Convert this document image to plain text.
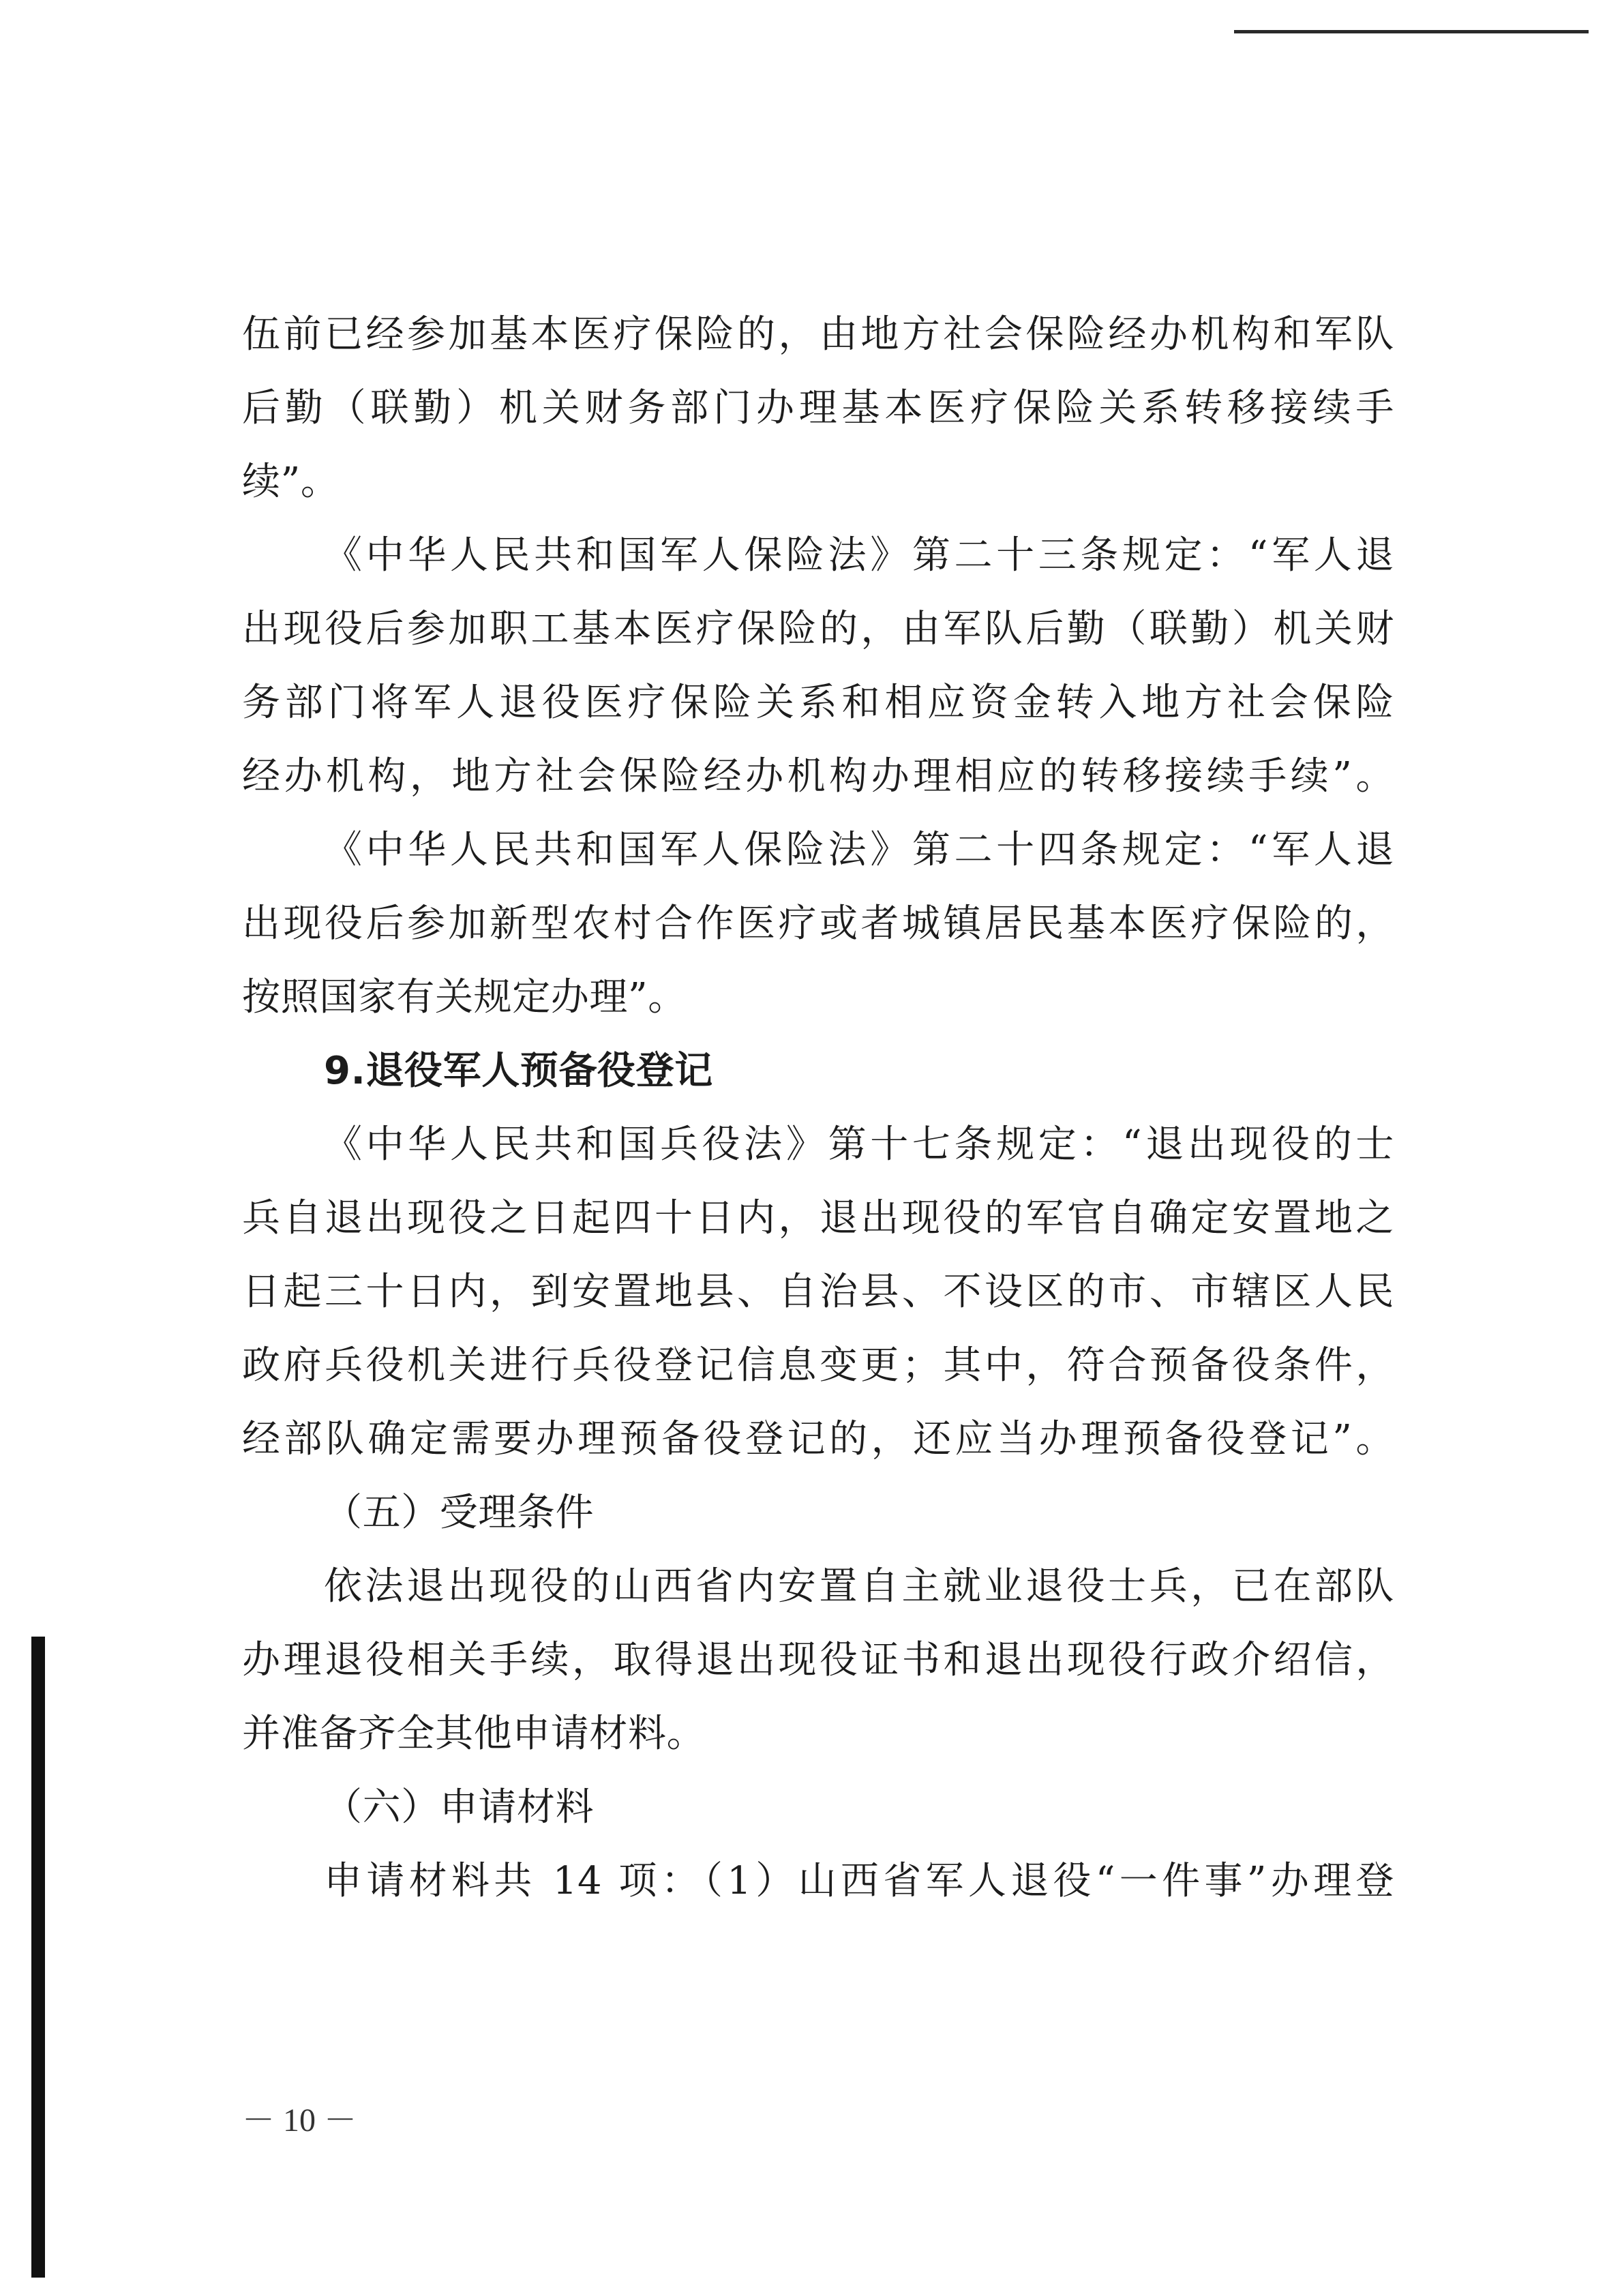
伍前已经参加基本医疗保险的，由地方社会保险经办机构和军队
后勤（联勤）机关财务部门办理基本医疗保险关系转移接续手
续”。
《中华人民共和国军人保险法》第二十三条规定：“军人退
出现役后参加职工基本医疗保险的，由军队后勤（联勤）机关财
务部门将军人退役医疗保险关系和相应资金转入地方社会保险
经办机构，地方社会保险经办机构办理相应的转移接续手续”。
《中华人民共和国军人保险法》第二十四条规定：“军人退
出现役后参加新型农村合作医疗或者城镇居民基本医疗保险的，
按照国家有关规定办理”。
9.退役军人预备役登记
《中华人民共和国兵役法》第十七条规定：“退出现役的士
兵自退出现役之日起四十日内，退出现役的军官自确定安置地之
日起三十日内，到安置地县、自治县、不设区的市、市辖区人民
政府兵役机关进行兵役登记信息变更；其中，符合预备役条件，
经部队确定需要办理预备役登记的，还应当办理预备役登记”。
（五）受理条件
依法退出现役的山西省内安置自主就业退役士兵，已在部队
办理退役相关手续，取得退出现役证书和退出现役行政介绍信，
并准备齐全其他申请材料。
（六）申请材料
申请材料共 14 项：（1）山西省军人退役“一件事”办理登
－ 10 －
